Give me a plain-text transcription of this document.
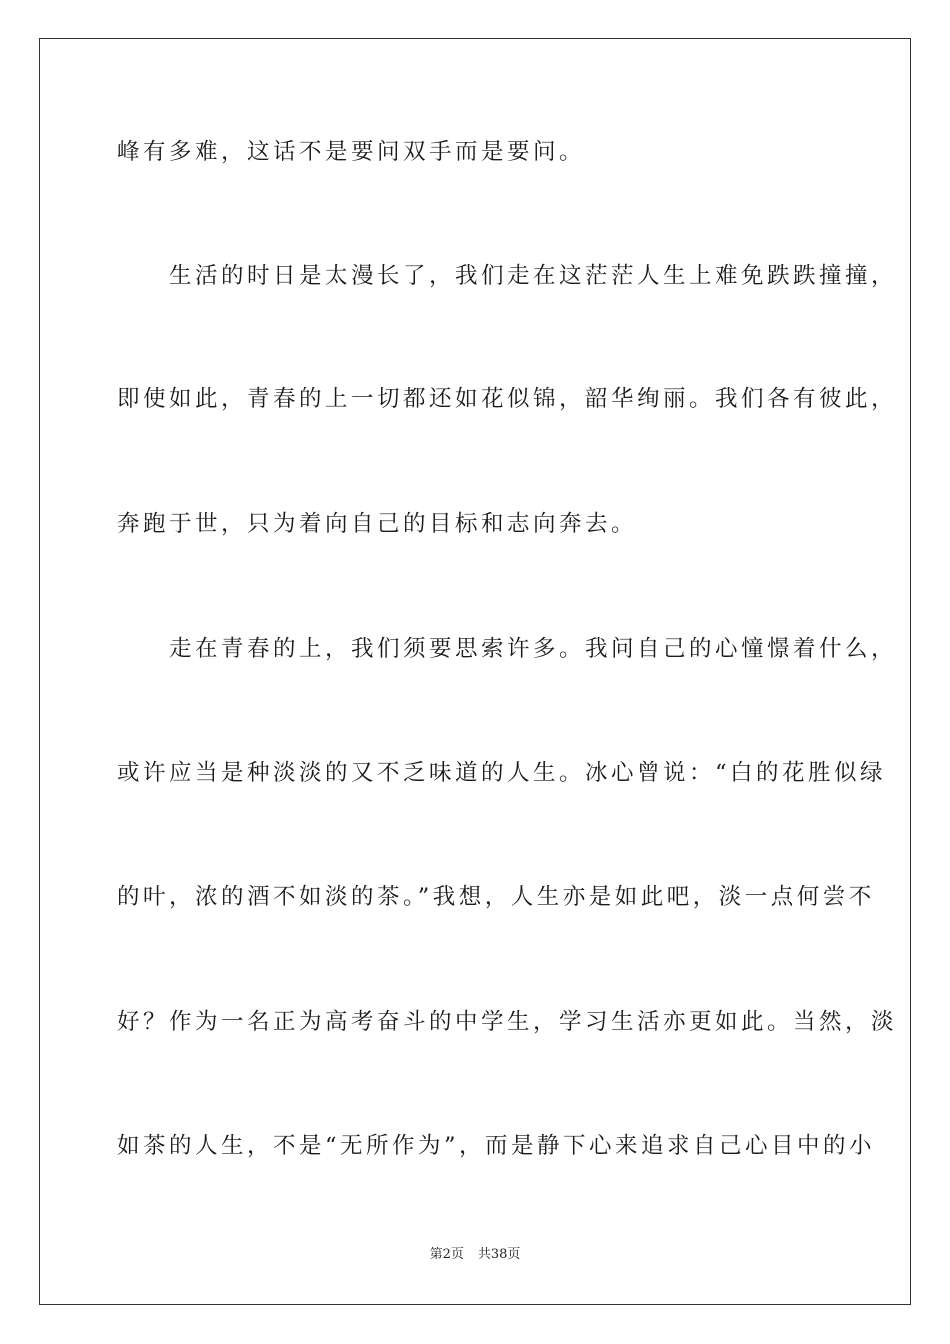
峰有多难，这话不是要问双手而是要问。
　　生活的时日是太漫长了，我们走在这茫茫人生上难免跌跌撞撞，
即使如此，青春的上一切都还如花似锦，韶华绚丽。我们各有彼此，
奔跑于世，只为着向自己的目标和志向奔去。
　　走在青春的上，我们须要思索许多。我问自己的心憧憬着什么，
或许应当是种淡淡的又不乏味道的人生。冰心曾说：“白的花胜似绿
的叶，浓的酒不如淡的茶。”我想，人生亦是如此吧，淡一点何尝不
好？作为一名正为高考奋斗的中学生，学习生活亦更如此。当然，淡
如茶的人生，不是“无所作为”，而是静下心来追求自己心目中的小
第2页 共38页
